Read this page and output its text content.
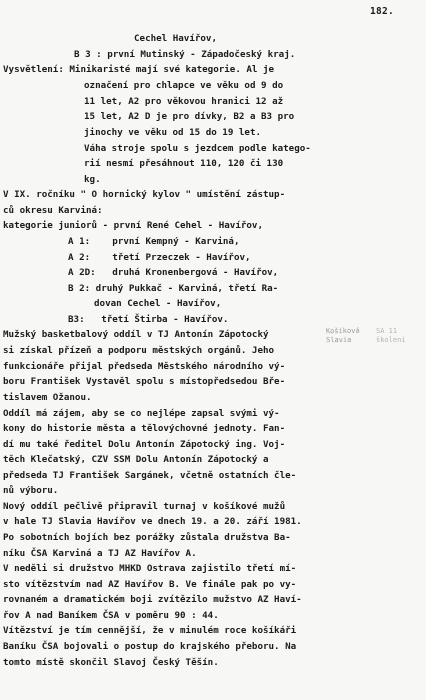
182.
Cechel Havířov,
B 3 : první Mutinský - Západočeský kraj.
Vysvětlení: Minikaristé mají své kategorie. Al je
označení pro chlapce ve věku od 9 do
11 let, A2 pro věkovou hranici 12 až
15 let, A2 D je pro dívky, B2 a B3 pro
jinochy ve věku od 15 do 19 let.
Váha stroje spolu s jezdcem podle katego-
rií nesmí přesáhnout 110, 120 či 130
kg.
V IX. ročníku " O hornický kylov " umístění zástup-
ců okresu Karviná:
kategorie juniorů - první René Cehel - Havířov,
A 1:    první Kempný - Karviná,
A 2:    třetí Przeczek - Havířov,
A 2D:   druhá Kronenbergová - Havířov,
B 2: druhý Pukkač - Karviná, třetí Ra-
dovan Cechel - Havířov,
B3:   třetí Štirba - Havířov.
Mužský basketbalový oddíl v TJ Antonín Zápotocký
si získal přízeň a podporu městských orgánů. Jeho
funkcionáře přijal předseda Městského národního vý-
boru František Vystavěl spolu s místopředsedou Bře-
tislavem Ožanou.
Oddíl má zájem, aby se co nejlépe zapsal svými vý-
kony do historie města a tělovýchovné jednoty. Fan-
dí mu také ředitel Dolu Antonín Zápotocký ing. Voj-
těch Klečatský, CZV SSM Dolu Antonín Zápotocký a
předseda TJ František Sargánek, včetně ostatních čle-
nů výboru.
Nový oddíl pečlivě připravil turnaj v košíkové mužů
v hale TJ Slavia Havířov ve dnech 19. a 20. září 1981.
Po sobotních bojích bez porážky zůstala družstva Ba-
níku ČSA Karviná a TJ AZ Havířov A.
V neděli si družstvo MHKD Ostrava zajistilo třetí mí-
sto vítězstvím nad AZ Havířov B. Ve finále pak po vy-
rovnaném a dramatickém boji zvítězilo mužstvo AZ Haví-
řov A nad Baníkem ČSA v poměru 90 : 44.
Vítězství je tím cennější, že v minulém roce košíkáři
Baníku ČSA bojovali o postup do krajského přeboru. Na
tomto místě skončil Slavoj Český Těšín.
Košíková
Slavia
SA 11
školení
